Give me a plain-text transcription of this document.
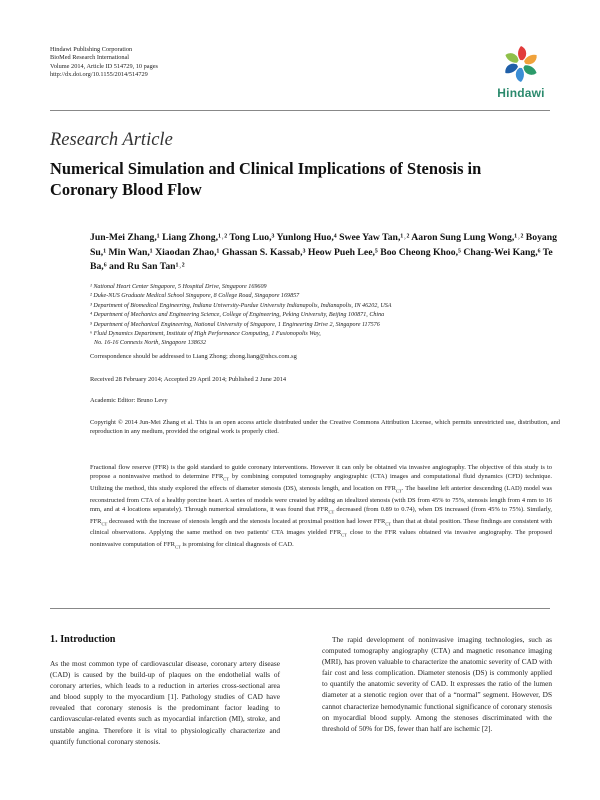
Hindawi Publishing Corporation
BioMed Research International
Volume 2014, Article ID 514729, 10 pages
http://dx.doi.org/10.1155/2014/514729
Hindawi
Research Article
Numerical Simulation and Clinical Implications of Stenosis in Coronary Blood Flow
Jun-Mei Zhang,¹ Liang Zhong,¹˒² Tong Luo,³ Yunlong Huo,⁴ Swee Yaw Tan,¹˒² Aaron Sung Lung Wong,¹˒² Boyang Su,¹ Min Wan,¹ Xiaodan Zhao,¹ Ghassan S. Kassab,³ Heow Pueh Lee,⁵ Boo Cheong Khoo,⁵ Chang-Wei Kang,⁶ Te Ba,⁶ and Ru San Tan¹˒²
¹ National Heart Center Singapore, 5 Hospital Drive, Singapore 169609
² Duke-NUS Graduate Medical School Singapore, 8 College Road, Singapore 169857
³ Department of Biomedical Engineering, Indiana University-Purdue University Indianapolis, Indianapolis, IN 46202, USA
⁴ Department of Mechanics and Engineering Science, College of Engineering, Peking University, Beijing 100871, China
⁵ Department of Mechanical Engineering, National University of Singapore, 1 Engineering Drive 2, Singapore 117576
⁶ Fluid Dynamics Department, Institute of High Performance Computing, 1 Fusionopolis Way,
No. 16-16 Connexis North, Singapore 138632
Correspondence should be addressed to Liang Zhong; zhong.liang@nhcs.com.sg
Received 28 February 2014; Accepted 29 April 2014; Published 2 June 2014
Academic Editor: Bruno Levy
Copyright © 2014 Jun-Mei Zhang et al. This is an open access article distributed under the Creative Commons Attribution License, which permits unrestricted use, distribution, and reproduction in any medium, provided the original work is properly cited.
Fractional flow reserve (FFR) is the gold standard to guide coronary interventions. However it can only be obtained via invasive angiography. The objective of this study is to propose a noninvasive method to determine $FFR_{CT}$ by combining computed tomography angiographic (CTA) images and computational fluid dynamics (CFD) technique. Utilizing the method, this study explored the effects of diameter stenosis (DS), stenosis length, and location on $FFR_{CT}$. The baseline left anterior descending (LAD) model was reconstructed from CTA of a healthy porcine heart. A series of models were created by adding an idealized stenosis (with DS from 45% to 75%, stenosis length from 4 mm to 16 mm, and at 4 locations separately). Through numerical simulations, it was found that $FFR_{CT}$ decreased (from 0.89 to 0.74), when DS increased (from 45% to 75%). Similarly, $FFR_{CT}$ decreased with the increase of stenosis length and the stenosis located at proximal position had lower $FFR_{CT}$ than that at distal position. These findings are consistent with clinical observations. Applying the same method on two patients' CTA images yielded $FFR_{CT}$ close to the FFR values obtained via invasive angiography. The proposed noninvasive computation of $FFR_{CT}$ is promising for clinical diagnosis of CAD.
1. Introduction
As the most common type of cardiovascular disease, coronary artery disease (CAD) is caused by the build-up of plaques on the endothelial walls of coronary arteries, which leads to a reduction in arteries cross-sectional area and blood supply to the myocardium [1]. Pathology studies of CAD have revealed that coronary stenosis is the predominant factor leading to cardiovascular-related events such as myocardial infarction (MI), stroke, and unstable angina. Therefore it is vital to physiologically characterize and quantify functional coronary stenosis.
The rapid development of noninvasive imaging technologies, such as computed tomography angiography (CTA) and magnetic resonance imaging (MRI), has proven valuable to characterize the anatomic severity of CAD with fair cost and less complication. Diameter stenosis (DS) is commonly applied to quantify the anatomic severity of CAD. It expresses the ratio of the lumen diameter at a stenotic region over that of a “normal” segment. However, DS cannot characterize hemodynamic functional significance of coronary stenosis on myocardial blood supply. Among the stenoses discriminated with the threshold of 50% for DS, fewer than half are ischemic [2].
